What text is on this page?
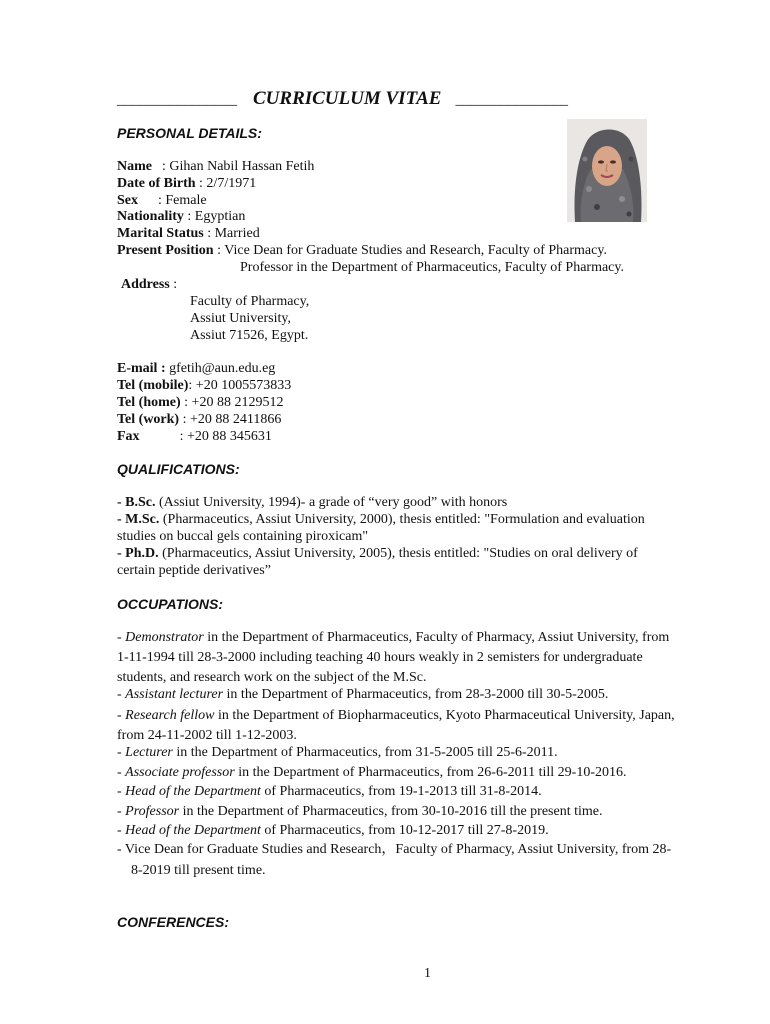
________________ CURRICULUM VITAE _______________
PERSONAL DETAILS:
Name : Gihan Nabil Hassan Fetih
Date of Birth : 2/7/1971
Sex : Female
Nationality : Egyptian
Marital Status : Married
Present Position : Vice Dean for Graduate Studies and Research, Faculty of Pharmacy.
Professor in the Department of Pharmaceutics, Faculty of Pharmacy.
Address :
Faculty of Pharmacy,
Assiut University,
Assiut 71526, Egypt.
E-mail : gfetih@aun.edu.eg
Tel (mobile): +20 1005573833
Tel (home) : +20 88 2129512
Tel (work) : +20 88 2411866
Fax	: +20 88 345631
QUALIFICATIONS:
- B.Sc. (Assiut University, 1994)- a grade of “very good” with honors
- M.Sc. (Pharmaceutics, Assiut University, 2000), thesis entitled: "Formulation and evaluation
studies on buccal gels containing piroxicam"
- Ph.D. (Pharmaceutics, Assiut University, 2005), thesis entitled: "Studies on oral delivery of
certain peptide derivatives”
OCCUPATIONS:
- Demonstrator in the Department of Pharmaceutics, Faculty of Pharmacy, Assiut University, from
1-11-1994 till 28-3-2000 including teaching 40 hours weakly in 2 semisters for undergraduate
students, and research work on the subject of the M.Sc.
- Assistant lecturer in the Department of Pharmaceutics, from 28-3-2000 till 30-5-2005.
- Research fellow in the Department of Biopharmaceutics, Kyoto Pharmaceutical University, Japan,
from 24-11-2002 till 1-12-2003.
- Lecturer in the Department of Pharmaceutics, from 31-5-2005 till 25-6-2011.
- Associate professor in the Department of Pharmaceutics, from 26-6-2011 till 29-10-2016.
- Head of the Department of Pharmaceutics, from 19-1-2013 till 31-8-2014.
- Professor in the Department of Pharmaceutics, from 30-10-2016 till the present time.
- Head of the Department of Pharmaceutics, from 10-12-2017 till 27-8-2019.
- Vice Dean for Graduate Studies and Research，Faculty of Pharmacy, Assiut University, from 28-
8-2019 till present time.
CONFERENCES:
1
